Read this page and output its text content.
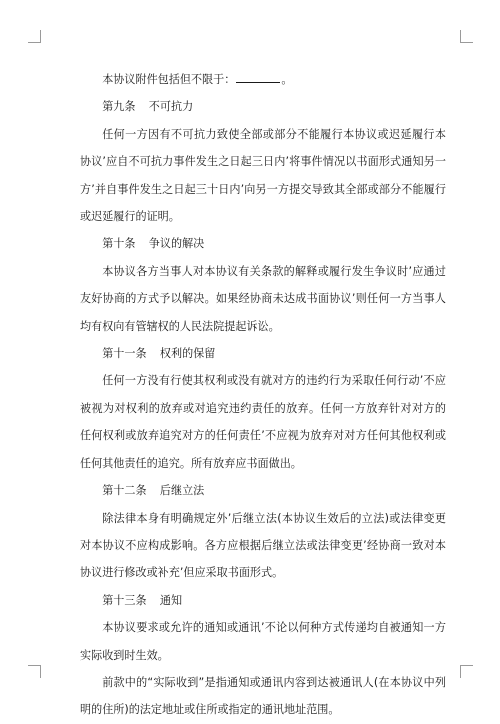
本协议附件包括但不限于：	。

第九条 不可抗力

任何一方因有不可抗力致使全部或部分不能履行本协议或迟延履行本协议’应自不可抗力事件发生之日起三日内’将事件情况以书面形式通知另一方’并自事件发生之日起三十日内’向另一方提交导致其全部或部分不能履行或迟延履行的证明。

第十条 争议的解决

本协议各方当事人对本协议有关条款的解释或履行发生争议时’应通过友好协商的方式予以解决。如果经协商未达成书面协议’则任何一方当事人均有权向有管辖权的人民法院提起诉讼。

第十一条 权利的保留

任何一方没有行使其权利或没有就对方的违约行为采取任何行动’不应被视为对权利的放弃或对追究违约责任的放弃。任何一方放弃针对对方的任何权利或放弃追究对方的任何责任’不应视为放弃对对方任何其他权利或任何其他责任的追究。所有放弃应书面做出。

第十二条 后继立法

除法律本身有明确规定外’后继立法(本协议生效后的立法)或法律变更对本协议不应构成影响。各方应根据后继立法或法律变更’经协商一致对本协议进行修改或补充’但应采取书面形式。

第十三条 通知

本协议要求或允许的通知或通讯’不论以何种方式传递均自被通知一方实际收到时生效。

前款中的“实际收到”是指通知或通讯内容到达被通讯人(在本协议中列明的住所)的法定地址或住所或指定的通讯地址范围。
